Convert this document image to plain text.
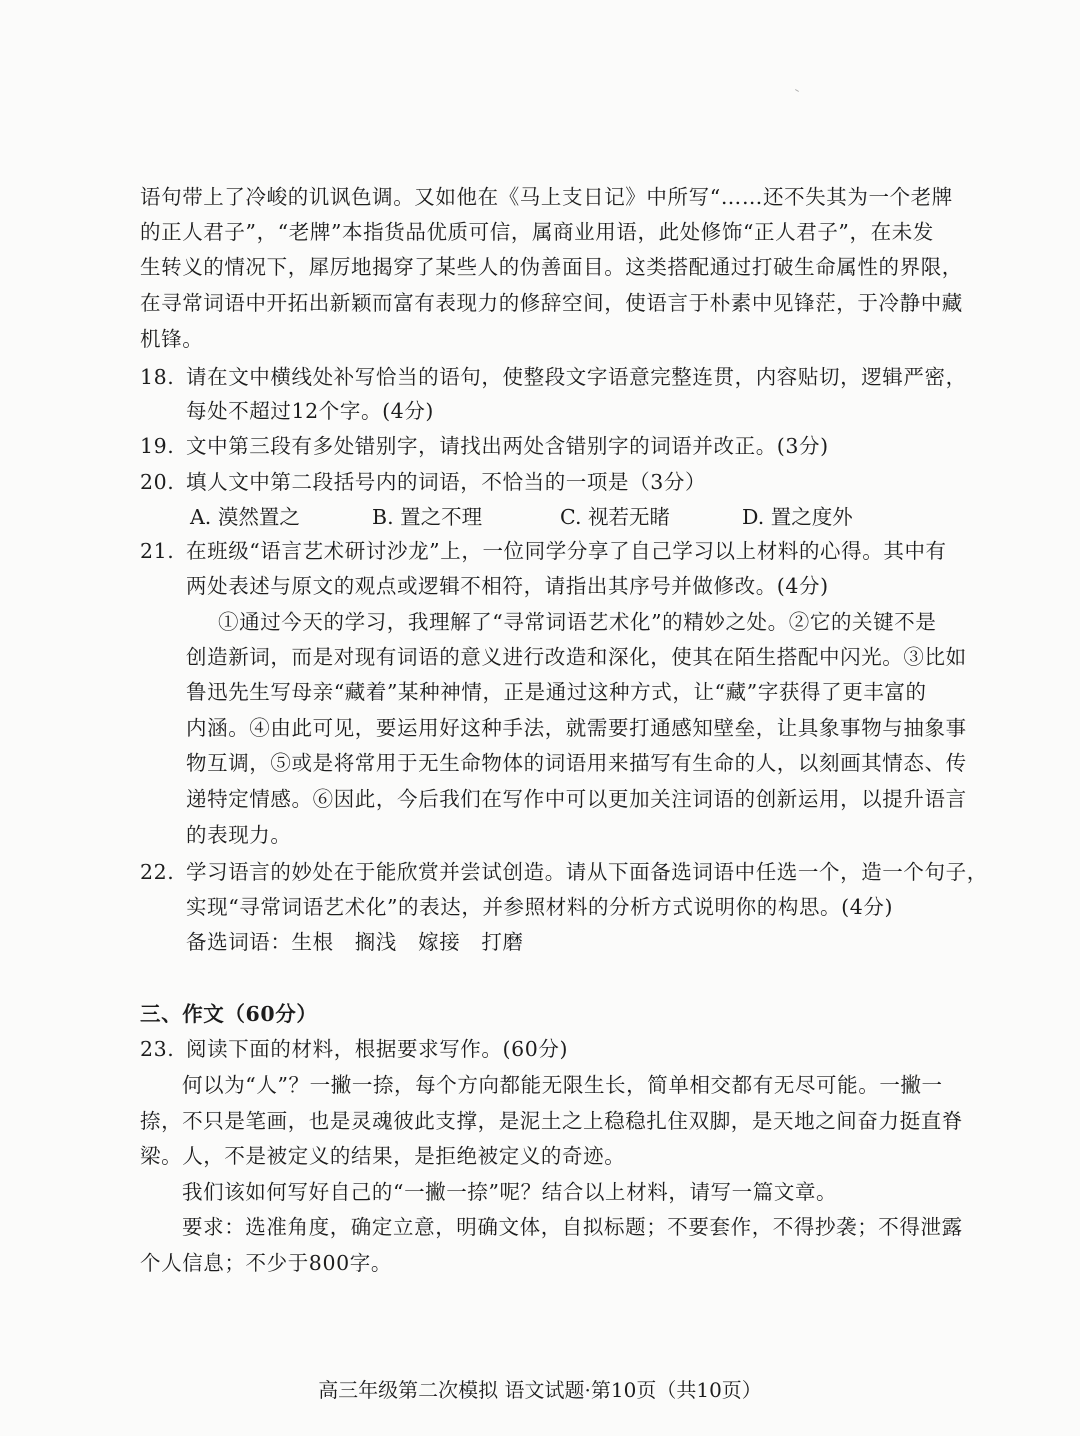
语句带上了冷峻的讥讽色调。又如他在《马上支日记》中所写“……还不失其为一个老牌
的正人君子”，“老牌”本指货品优质可信，属商业用语，此处修饰“正人君子”，在未发
生转义的情况下，犀厉地揭穿了某些人的伪善面目。这类搭配通过打破生命属性的界限，
在寻常词语中开拓出新颖而富有表现力的修辞空间，使语言于朴素中见锋茫，于冷静中藏
机锋。
18. 请在文中横线处补写恰当的语句，使整段文字语意完整连贯，内容贴切，逻辑严密，
每处不超过12个字。(4分)
19. 文中第三段有多处错别字，请找出两处含错别字的词语并改正。(3分)
20. 填人文中第二段括号内的词语，不恰当的一项是（3分）
A. 漠然置之	B. 置之不理	C. 视若无睹	D. 置之度外
21. 在班级“语言艺术研讨沙龙”上，一位同学分享了自己学习以上材料的心得。其中有
两处表述与原文的观点或逻辑不相符，请指出其序号并做修改。(4分)
①通过今天的学习，我理解了“寻常词语艺术化”的精妙之处。②它的关键不是
创造新词，而是对现有词语的意义进行改造和深化，使其在陌生搭配中闪光。③比如
鲁迅先生写母亲“藏着”某种神情，正是通过这种方式，让“藏”字获得了更丰富的
内涵。④由此可见，要运用好这种手法，就需要打通感知壁垒，让具象事物与抽象事
物互调，⑤或是将常用于无生命物体的词语用来描写有生命的人，以刻画其情态、传
递特定情感。⑥因此，今后我们在写作中可以更加关注词语的创新运用，以提升语言
的表现力。
22. 学习语言的妙处在于能欣赏并尝试创造。请从下面备选词语中任选一个，造一个句子，
实现“寻常词语艺术化”的表达，并参照材料的分析方式说明你的构思。(4分)
备选词语：生根　搁浅　嫁接　打磨
三、作文（60分）
23. 阅读下面的材料，根据要求写作。(60分)
何以为“人”？一撇一捺，每个方向都能无限生长，简单相交都有无尽可能。一撇一
捺，不只是笔画，也是灵魂彼此支撑，是泥土之上稳稳扎住双脚，是天地之间奋力挺直脊
梁。人，不是被定义的结果，是拒绝被定义的奇迹。
我们该如何写好自己的“一撇一捺”呢？结合以上材料，请写一篇文章。
要求：选准角度，确定立意，明确文体，自拟标题；不要套作，不得抄袭；不得泄露
个人信息；不少于800字。
高三年级第二次模拟 语文试题·第10页（共10页）
